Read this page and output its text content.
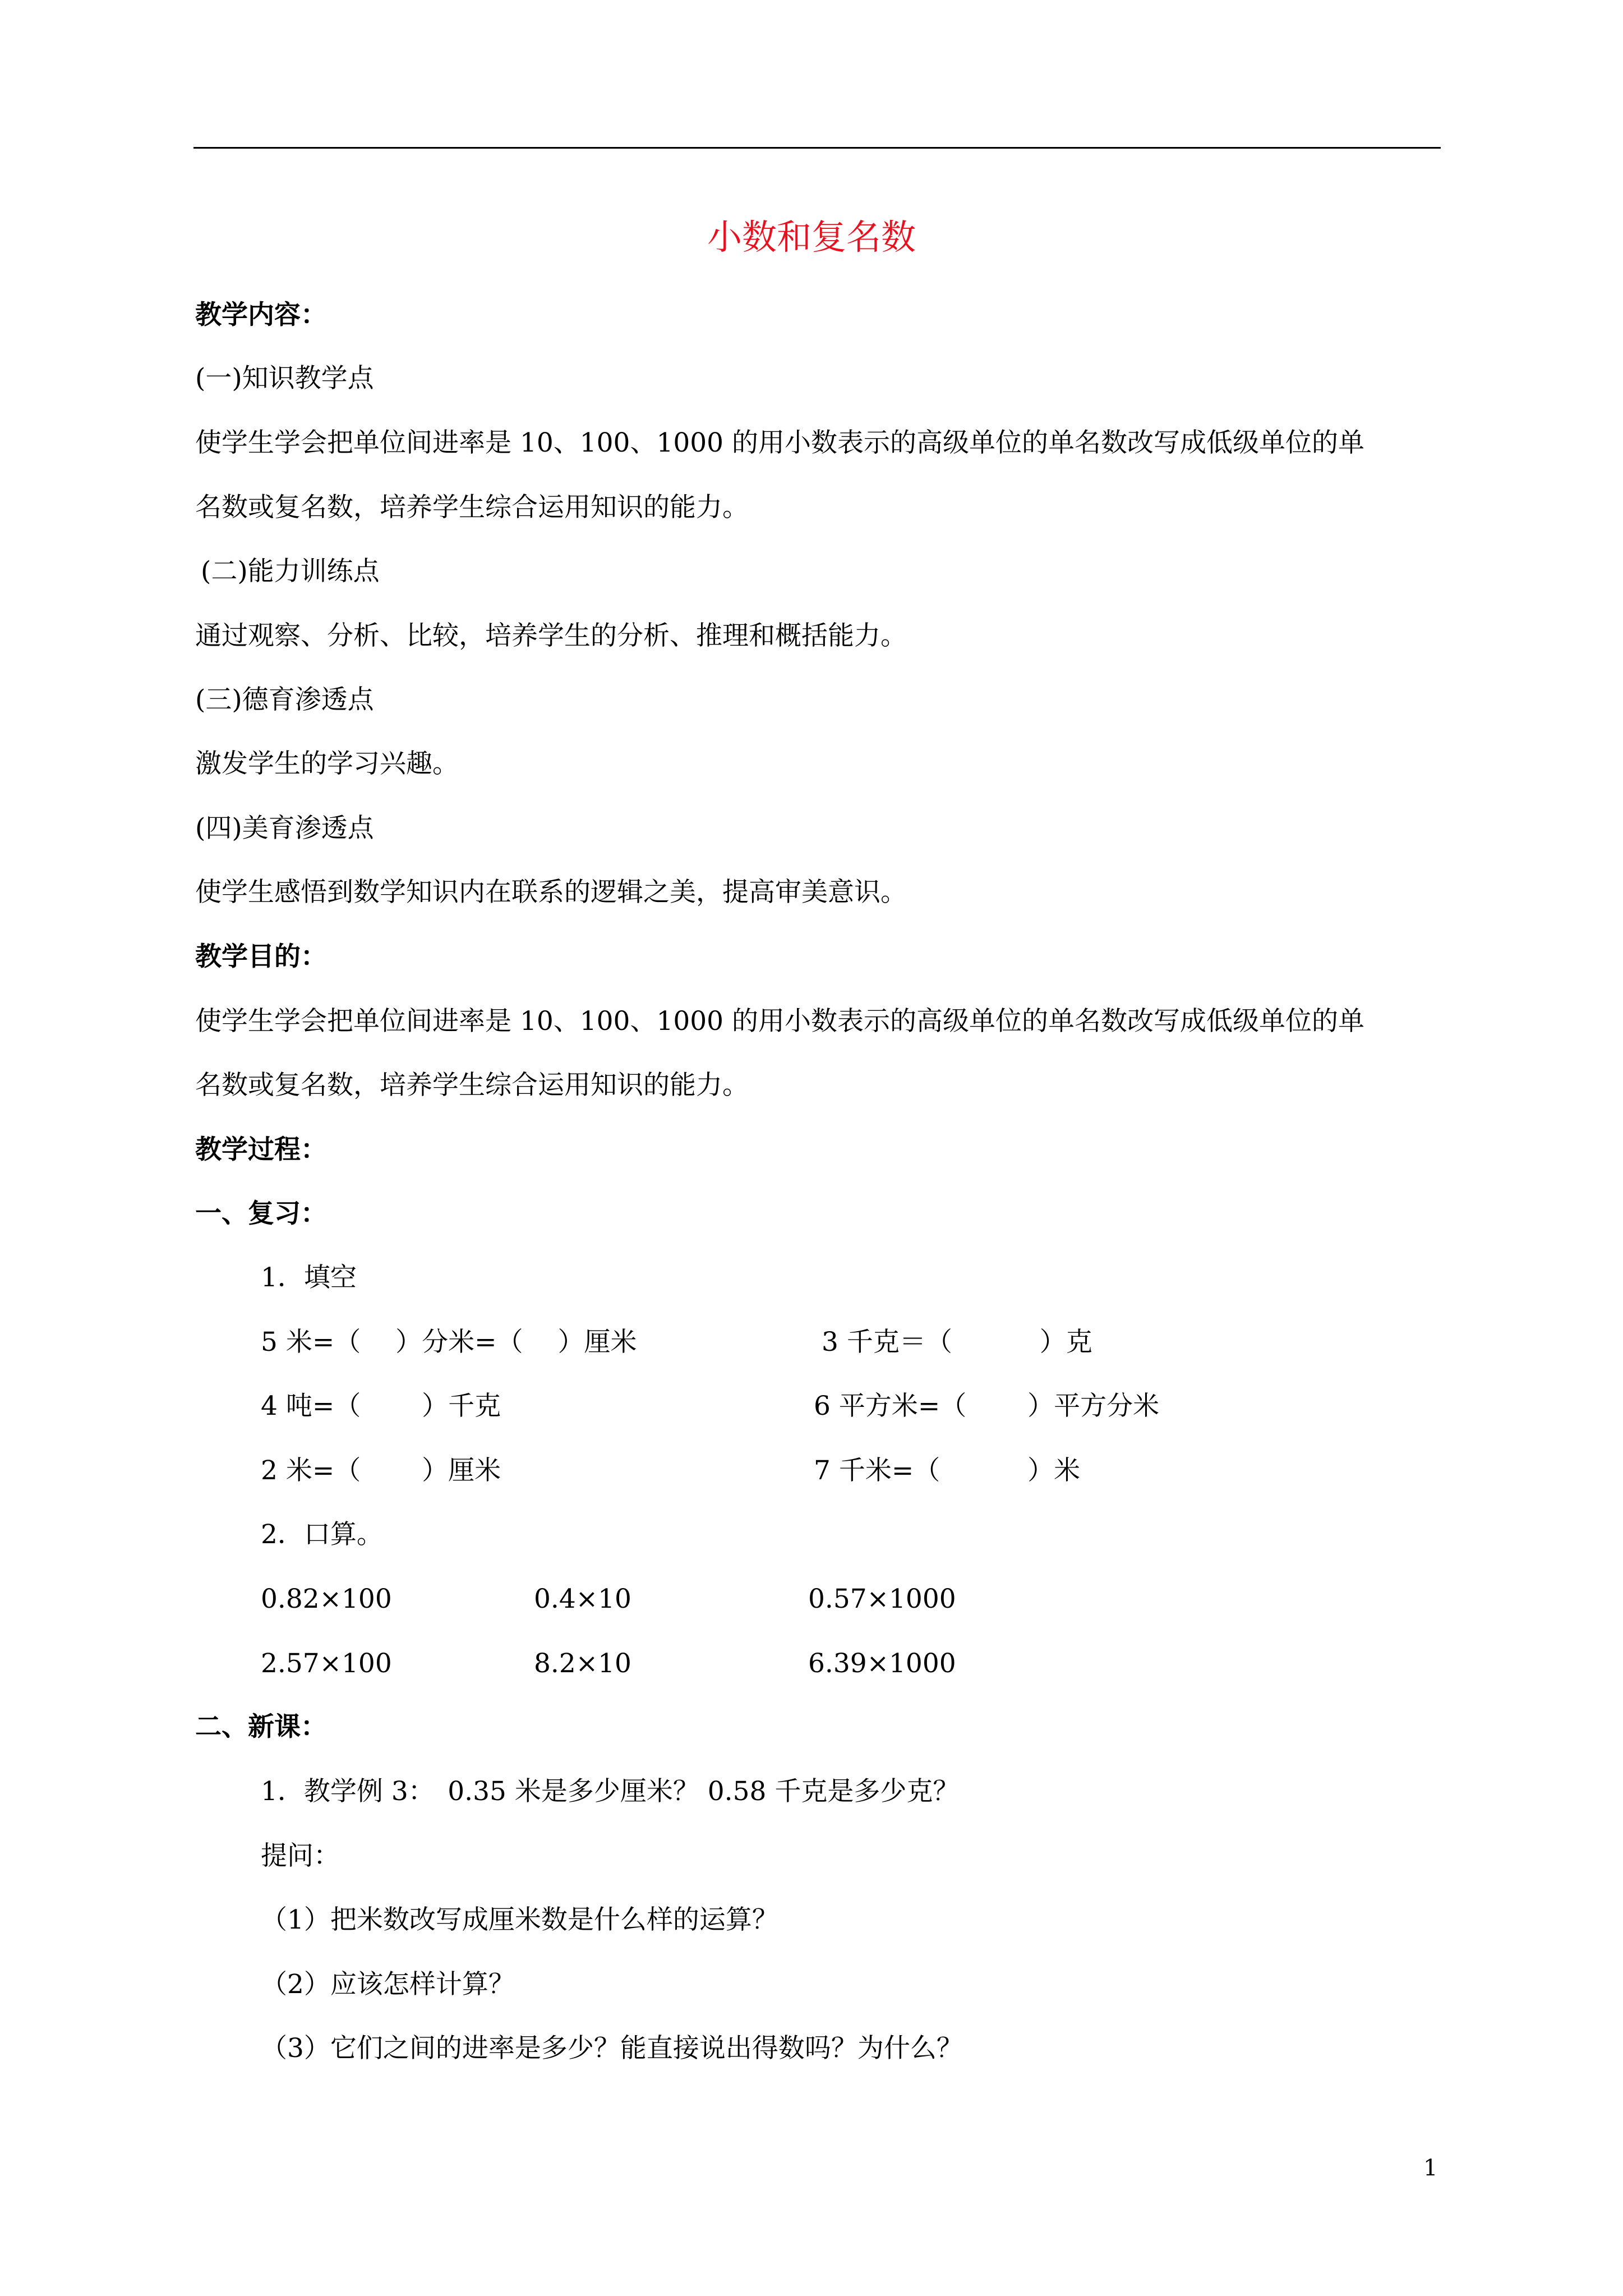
小数和复名数
教学内容：
(一)知识教学点
使学生学会把单位间进率是 10、100、1000 的用小数表示的高级单位的单名数改写成低级单位的单
名数或复名数，培养学生综合运用知识的能力。
(二)能力训练点
通过观察、分析、比较，培养学生的分析、推理和概括能力。
(三)德育渗透点
激发学生的学习兴趣。
(四)美育渗透点
使学生感悟到数学知识内在联系的逻辑之美，提高审美意识。
教学目的：
使学生学会把单位间进率是 10、100、1000 的用小数表示的高级单位的单名数改写成低级单位的单
名数或复名数，培养学生综合运用知识的能力。
教学过程：
一、复习：
1．填空
5 米=（　 ）分米=（　 ）厘米	3 千克＝（　　　 ）克
4 吨=（　　 ）千克	6 平方米=（　　 ）平方分米
2 米=（　　 ）厘米	7 千米=（　　　 ）米
2．口算。
0.82×100	0.4×10	0.57×1000
2.57×100	8.2×10	6.39×1000
二、新课：
1．教学例 3：　0.35 米是多少厘米？ 0.58 千克是多少克？
提问：
（1）把米数改写成厘米数是什么样的运算？
（2）应该怎样计算？
（3）它们之间的进率是多少？能直接说出得数吗？为什么？
1
